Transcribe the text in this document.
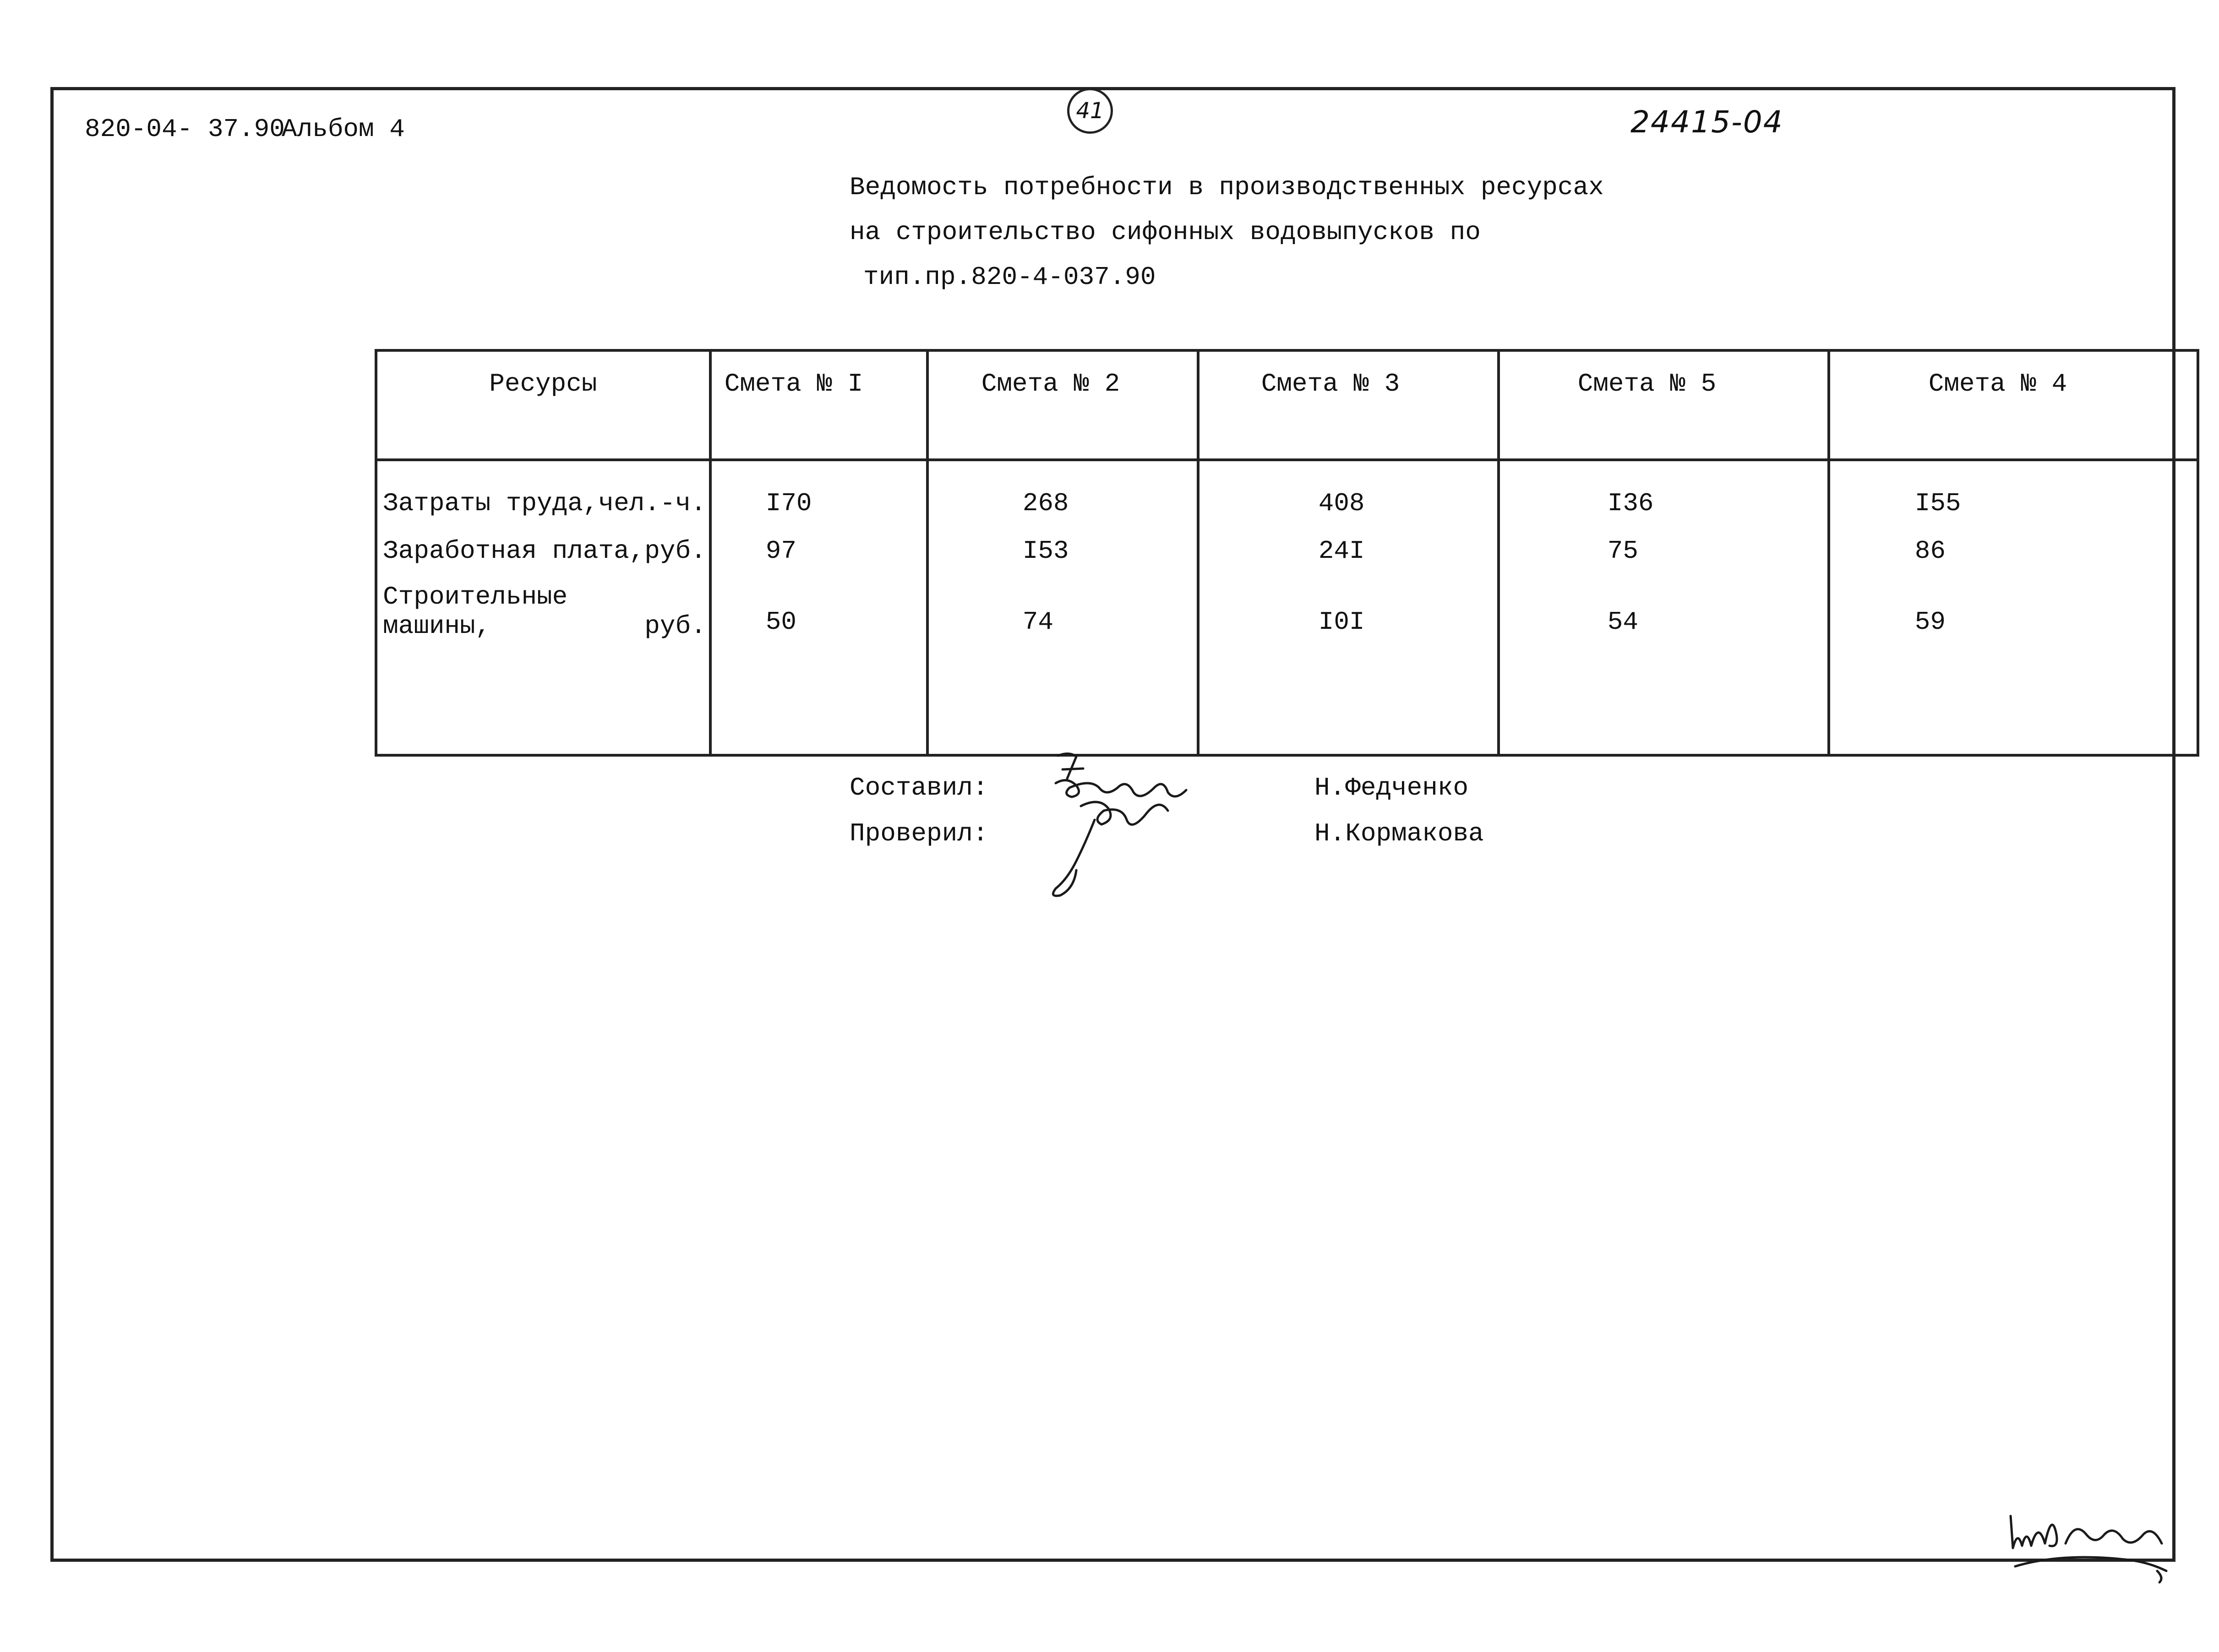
820-04- 37.90
Альбом 4
41	24415-04
Ведомость потребности в производственных ресурсах
на строительство сифонных водовыпусков по
тип.пр.820-4-037.90
Ресурсы	Смета № I	Смета № 2	Смета № 3	Смета № 5	Смета № 4
Затраты труда,чел.-ч.	I70	268	408	I36	I55
Заработная плата,руб.	97	I53	24I	75	86

Строительные
машины, руб.	50	74	I0I	54	59
Составил:
Проверил:
Н.Федченко
Н.Кормакова
